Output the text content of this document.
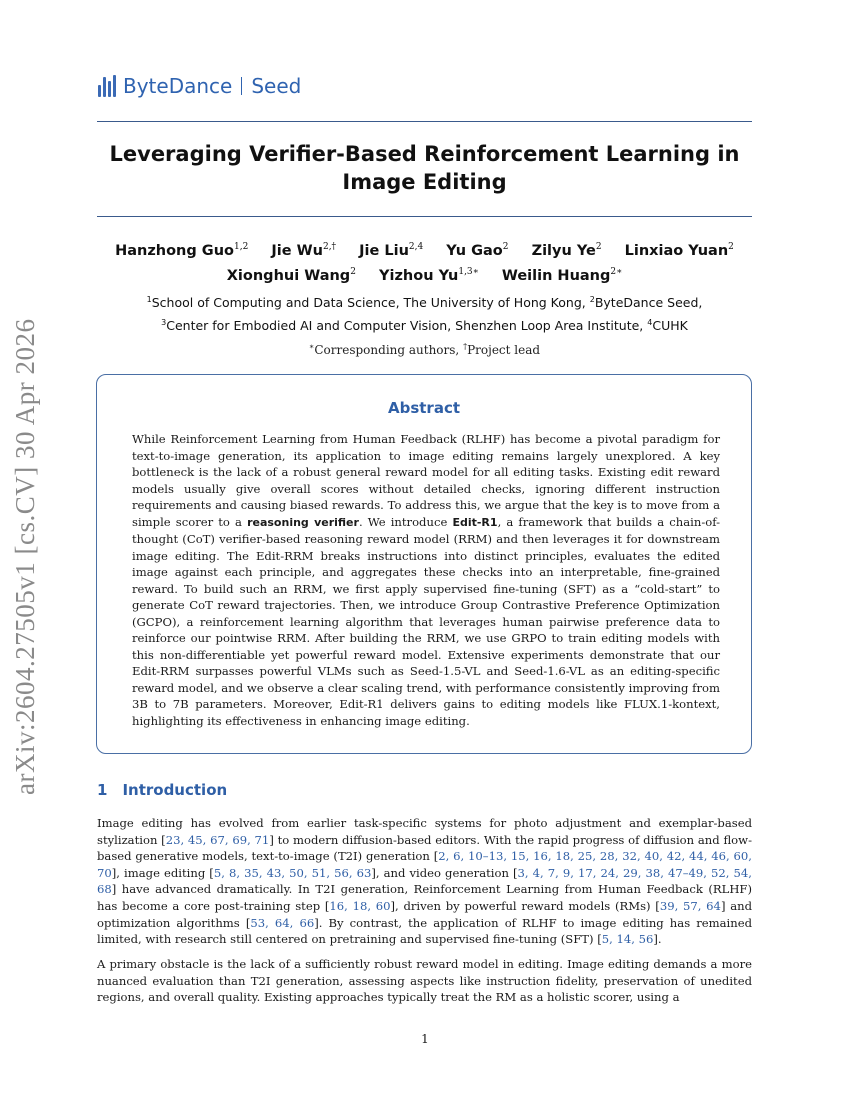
arXiv:2604.27505v1 [cs.CV] 30 Apr 2026
ByteDance Seed
Leveraging Verifier-Based Reinforcement Learning in Image Editing
Hanzhong Guo$^{1,2}$ Jie $Wu^{2,\dagger}$ Jie Liu$^{2,4}$ Yu Gao$^2$ Zilyu Ye$^2$ Linxiao Yuan$^2$
Xionghui Wang$^2$ Yizhou $Yu^{1,3∗}$ Weilin Huang$^{2∗}$
$^1$School of Computing and Data Science, The University of Hong Kong, $^2$ByteDance Seed,
$^3$Center for Embodied AI and Computer Vision, Shenzhen Loop Area Institute, $^4$CUHK
∗Corresponding authors, †Project lead
Abstract
While Reinforcement Learning from Human Feedback (RLHF) has become a pivotal paradigm for text-to-image generation, its application to image editing remains largely unexplored. A key bottleneck is the lack of a robust general reward model for all editing tasks. Existing edit reward models usually give overall scores without detailed checks, ignoring different instruction requirements and causing biased rewards. To address this, we argue that the key is to move from a simple scorer to a reasoning verifier. We introduce Edit-R1, a framework that builds a chain-of-thought (CoT) verifier-based reasoning reward model (RRM) and then leverages it for downstream image editing. The Edit-RRM breaks instructions into distinct principles, evaluates the edited image against each principle, and aggregates these checks into an interpretable, fine-grained reward. To build such an RRM, we first apply supervised fine-tuning (SFT) as a “cold-start” to generate CoT reward trajectories. Then, we introduce Group Contrastive Preference Optimization (GCPO), a reinforcement learning algorithm that leverages human pairwise preference data to reinforce our pointwise RRM. After building the RRM, we use GRPO to train editing models with this non-differentiable yet powerful reward model. Extensive experiments demonstrate that our Edit-RRM surpasses powerful VLMs such as Seed-1.5-VL and Seed-1.6-VL as an editing-specific reward model, and we observe a clear scaling trend, with performance consistently improving from 3B to 7B parameters. Moreover, Edit-R1 delivers gains to editing models like FLUX.1-kontext, highlighting its effectiveness in enhancing image editing.
1 Introduction
Image editing has evolved from earlier task-specific systems for photo adjustment and exemplar-based stylization [23, 45, 67, 69, 71] to modern diffusion-based editors. With the rapid progress of diffusion and flow-based generative models, text-to-image (T2I) generation [2, 6, 10–13, 15, 16, 18, 25, 28, 32, 40, 42, 44, 46, 60, 70], image editing [5, 8, 35, 43, 50, 51, 56, 63], and video generation [3, 4, 7, 9, 17, 24, 29, 38, 47–49, 52, 54, 68] have advanced dramatically. In T2I generation, Reinforcement Learning from Human Feedback (RLHF) has become a core post-training step [16, 18, 60], driven by powerful reward models (RMs) [39, 57, 64] and optimization algorithms [53, 64, 66]. By contrast, the application of RLHF to image editing has remained limited, with research still centered on pretraining and supervised fine-tuning (SFT) [5, 14, 56].
A primary obstacle is the lack of a sufficiently robust reward model in editing. Image editing demands a more nuanced evaluation than T2I generation, assessing aspects like instruction fidelity, preservation of unedited regions, and overall quality. Existing approaches typically treat the RM as a holistic scorer, using a
1
